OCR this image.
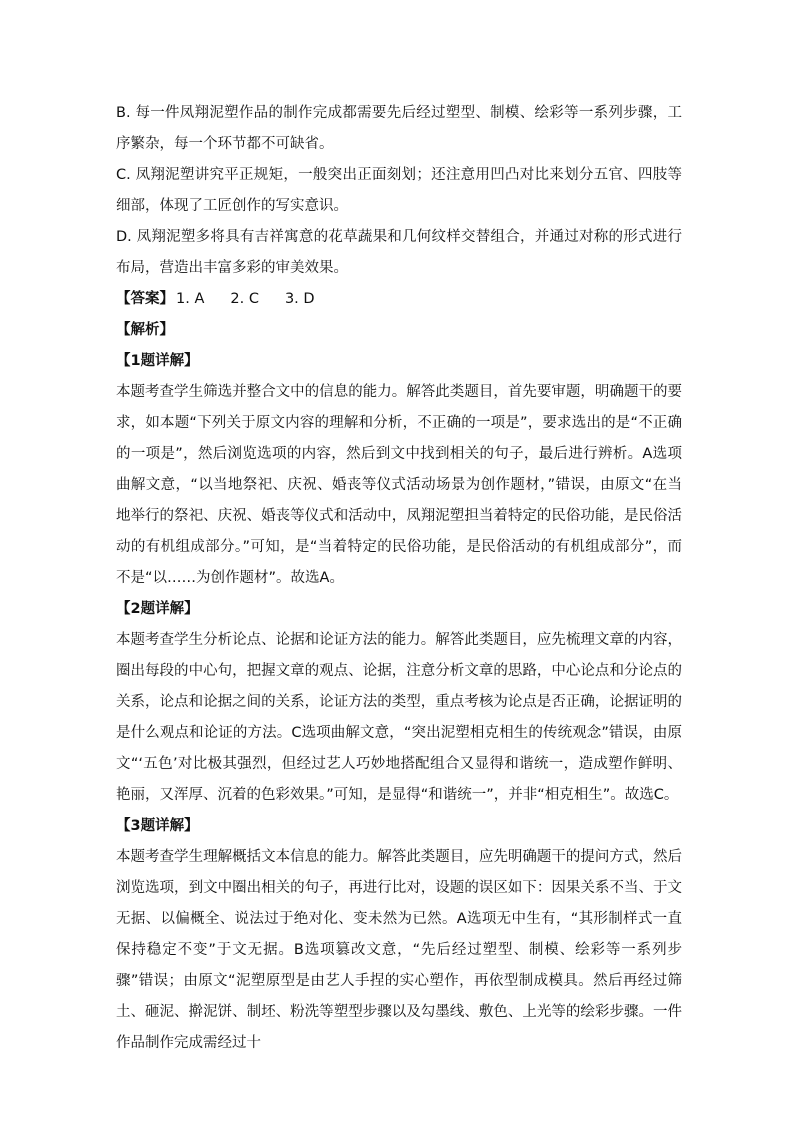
B. 每一件凤翔泥塑作品的制作完成都需要先后经过塑型、制模、绘彩等一系列步骤，工序繁杂，每一个环节都不可缺省。

C. 凤翔泥塑讲究平正规矩，一般突出正面刻划；还注意用凹凸对比来划分五官、四肢等细部，体现了工匠创作的写实意识。

D. 凤翔泥塑多将具有吉祥寓意的花草蔬果和几何纹样交替组合，并通过对称的形式进行布局，营造出丰富多彩的审美效果。

【答案】 1. A 2. C 3. D

【解析】

【1题详解】

本题考查学生筛选并整合文中的信息的能力。解答此类题目，首先要审题，明确题干的要求，如本题“下列关于原文内容的理解和分析，不正确的一项是”，要求选出的是“不正确的一项是”，然后浏览选项的内容，然后到文中找到相关的句子，最后进行辨析。A选项曲解文意，“以当地祭祀、庆祝、婚丧等仪式活动场景为创作题材，”错误，由原文“在当地举行的祭祀、庆祝、婚丧等仪式和活动中，凤翔泥塑担当着特定的民俗功能，是民俗活动的有机组成部分。”可知，是“当着特定的民俗功能，是民俗活动的有机组成部分”，而不是“以……为创作题材”。故选A。

【2题详解】

本题考查学生分析论点、论据和论证方法的能力。解答此类题目，应先梳理文章的内容，圈出每段的中心句，把握文章的观点、论据，注意分析文章的思路，中心论点和分论点的关系，论点和论据之间的关系，论证方法的类型，重点考核为论点是否正确，论据证明的是什么观点和论证的方法。C选项曲解文意，“突出泥塑相克相生的传统观念”错误，由原文“‘五色’对比极其强烈，但经过艺人巧妙地搭配组合又显得和谐统一，造成塑作鲜明、艳丽，又浑厚、沉着的色彩效果。”可知，是显得“和谐统一”，并非“相克相生”。故选C。

【3题详解】

本题考查学生理解概括文本信息的能力。解答此类题目，应先明确题干的提问方式，然后浏览选项，到文中圈出相关的句子，再进行比对，设题的误区如下：因果关系不当、于文无据、以偏概全、说法过于绝对化、变未然为已然。A选项无中生有，“其形制样式一直保持稳定不变”于文无据。B选项篡改文意，“先后经过塑型、制模、绘彩等一系列步骤”错误；由原文“泥塑原型是由艺人手捏的实心塑作，再依型制成模具。然后再经过筛土、砸泥、擀泥饼、制坯、粉洗等塑型步骤以及勾墨线、敷色、上光等的绘彩步骤。一件作品制作完成需经过十
